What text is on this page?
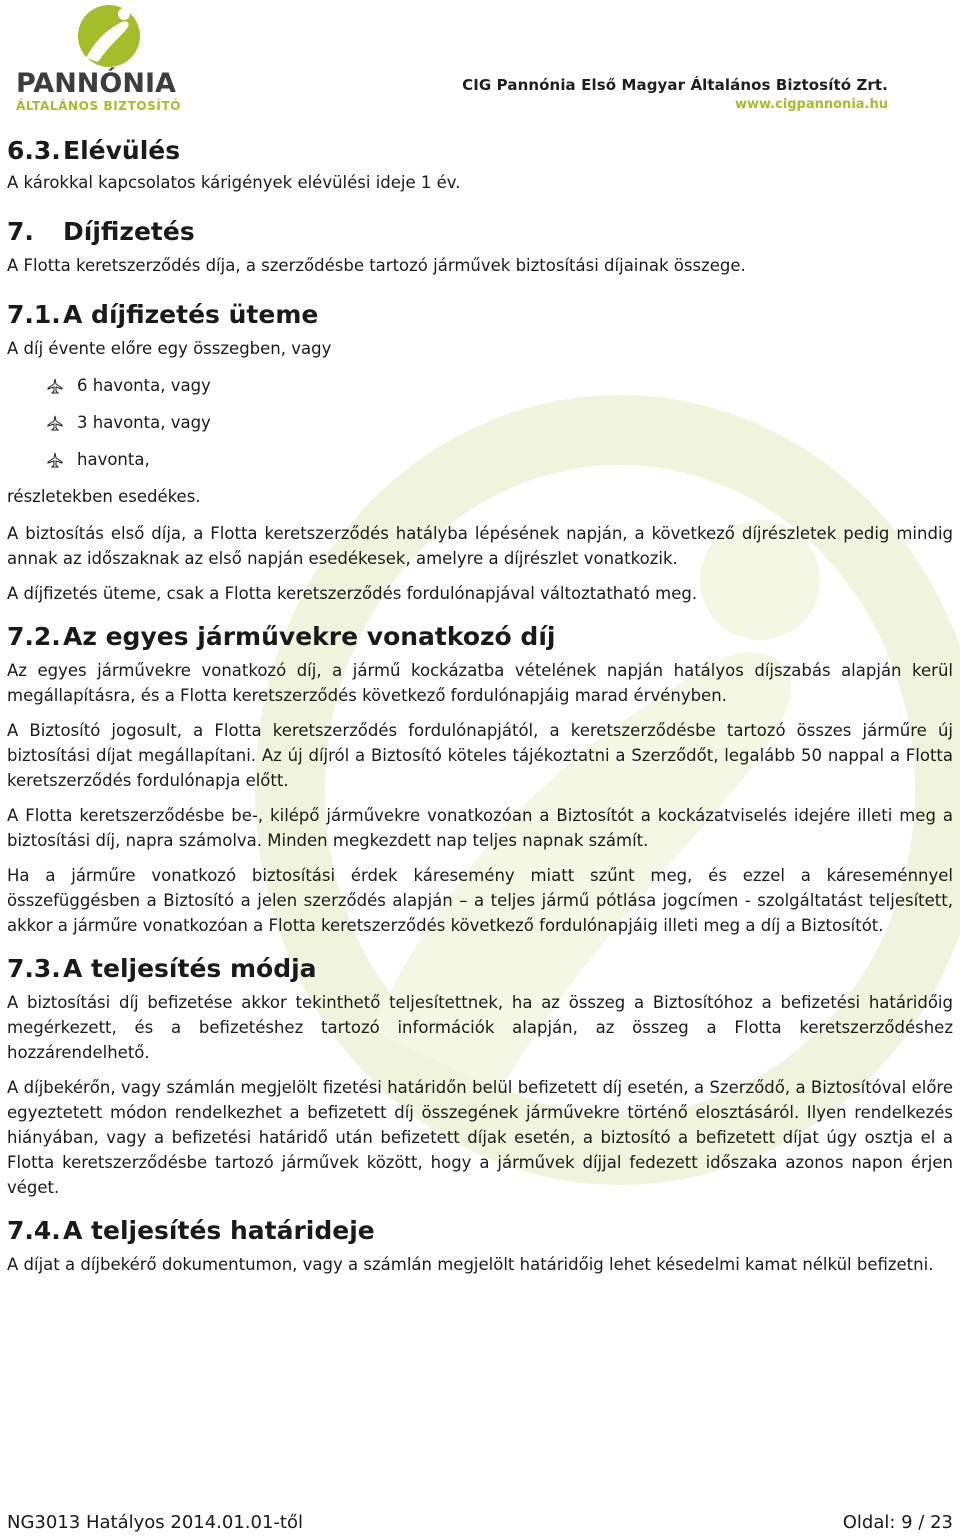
PANNÓNIA
ÁLTALÁNOS BIZTOSÍTÓ
CIG Pannónia Első Magyar Általános Biztosító Zrt.
www.cigpannonia.hu
6.3.Elévülés

A károkkal kapcsolatos kárigények elévülési ideje 1 év.

7. Díjfizetés

A Flotta keretszerződés díja, a szerződésbe tartozó járművek biztosítási díjainak összege.

7.1.A díjfizetés üteme

A díj évente előre egy összegben, vagy

6 havonta, vagy
3 havonta, vagy
havonta,

részletekben esedékes.

A biztosítás első díja, a Flotta keretszerződés hatályba lépésének napján, a következő díjrészletek pedig mindig annak az időszaknak az első napján esedékesek, amelyre a díjrészlet vonatkozik.

A díjfizetés üteme, csak a Flotta keretszerződés fordulónapjával változtatható meg.

7.2.Az egyes járművekre vonatkozó díj

Az egyes járművekre vonatkozó díj, a jármű kockázatba vételének napján hatályos díjszabás alapján kerül megállapításra, és a Flotta keretszerződés következő fordulónapjáig marad érvényben.

A Biztosító jogosult, a Flotta keretszerződés fordulónapjától, a keretszerződésbe tartozó összes járműre új biztosítási díjat megállapítani. Az új díjról a Biztosító köteles tájékoztatni a Szerződőt, legalább 50 nappal a Flotta keretszerződés fordulónapja előtt.

A Flotta keretszerződésbe be-, kilépő járművekre vonatkozóan a Biztosítót a kockázatviselés idejére illeti meg a biztosítási díj, napra számolva. Minden megkezdett nap teljes napnak számít.

Ha a járműre vonatkozó biztosítási érdek káresemény miatt szűnt meg, és ezzel a káreseménnyel összefüggésben a Biztosító a jelen szerződés alapján – a teljes jármű pótlása jogcímen - szolgáltatást teljesített, akkor a járműre vonatkozóan a Flotta keretszerződés következő fordulónapjáig illeti meg a díj a Biztosítót.

7.3.A teljesítés módja

A biztosítási díj befizetése akkor tekinthető teljesítettnek, ha az összeg a Biztosítóhoz a befizetési határidőig megérkezett, és a befizetéshez tartozó információk alapján, az összeg a Flotta keretszerződéshez hozzárendelhető.

A díjbekérőn, vagy számlán megjelölt fizetési határidőn belül befizetett díj esetén, a Szerződő, a Biztosítóval előre egyeztetett módon rendelkezhet a befizetett díj összegének járművekre történő elosztásáról. Ilyen rendelkezés hiányában, vagy a befizetési határidő után befizetett díjak esetén, a biztosító a befizetett díjat úgy osztja el a Flotta keretszerződésbe tartozó járművek között, hogy a járművek díjjal fedezett időszaka azonos napon érjen véget.

7.4.A teljesítés határideje

A díjat a díjbekérő dokumentumon, vagy a számlán megjelölt határidőig lehet késedelmi kamat nélkül befizetni.

NG3013 Hatályos 2014.01.01-től	Oldal: 9 / 23
